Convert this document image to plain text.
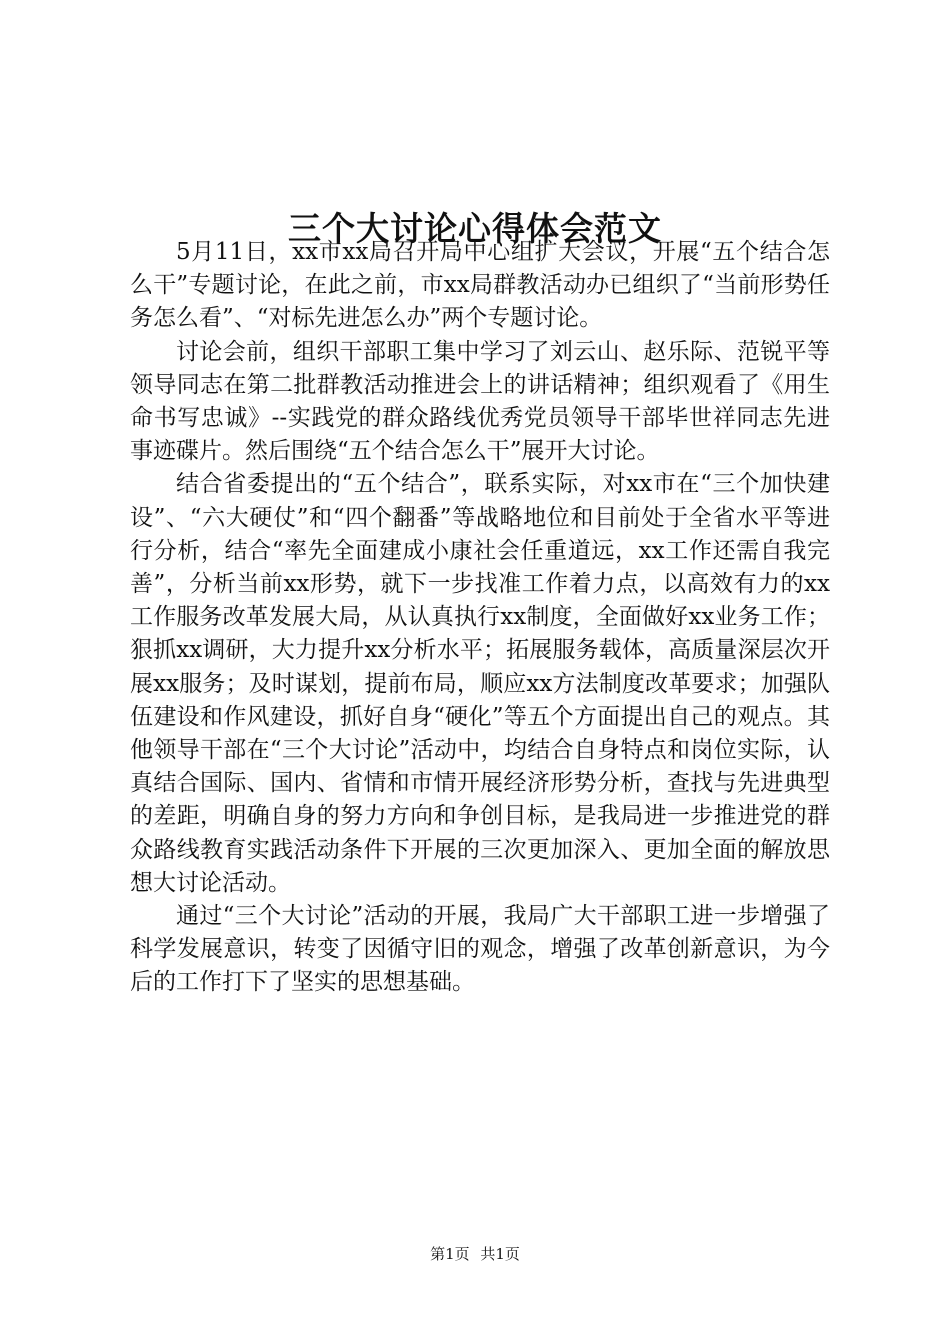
三个大讨论心得体会范文

5月11日，xx市xx局召开局中心组扩大会议，开展“五个结合怎么干”专题讨论，在此之前，市xx局群教活动办已组织了“当前形势任务怎么看”、“对标先进怎么办”两个专题讨论。

讨论会前，组织干部职工集中学习了刘云山、赵乐际、范锐平等领导同志在第二批群教活动推进会上的讲话精神；组织观看了《用生命书写忠诚》--实践党的群众路线优秀党员领导干部毕世祥同志先进事迹碟片。然后围绕“五个结合怎么干”展开大讨论。

结合省委提出的“五个结合”，联系实际，对xx市在“三个加快建设”、“六大硬仗”和“四个翻番”等战略地位和目前处于全省水平等进行分析，结合“率先全面建成小康社会任重道远，xx工作还需自我完善”，分析当前xx形势，就下一步找准工作着力点，以高效有力的xx工作服务改革发展大局，从认真执行xx制度，全面做好xx业务工作；狠抓xx调研，大力提升xx分析水平；拓展服务载体，高质量深层次开展xx服务；及时谋划，提前布局，顺应xx方法制度改革要求；加强队伍建设和作风建设，抓好自身“硬化”等五个方面提出自己的观点。其他领导干部在“三个大讨论”活动中，均结合自身特点和岗位实际，认真结合国际、国内、省情和市情开展经济形势分析，查找与先进典型的差距，明确自身的努力方向和争创目标，是我局进一步推进党的群众路线教育实践活动条件下开展的三次更加深入、更加全面的解放思想大讨论活动。

通过“三个大讨论”活动的开展，我局广大干部职工进一步增强了科学发展意识，转变了因循守旧的观念，增强了改革创新意识，为今后的工作打下了坚实的思想基础。

第1页 共1页
